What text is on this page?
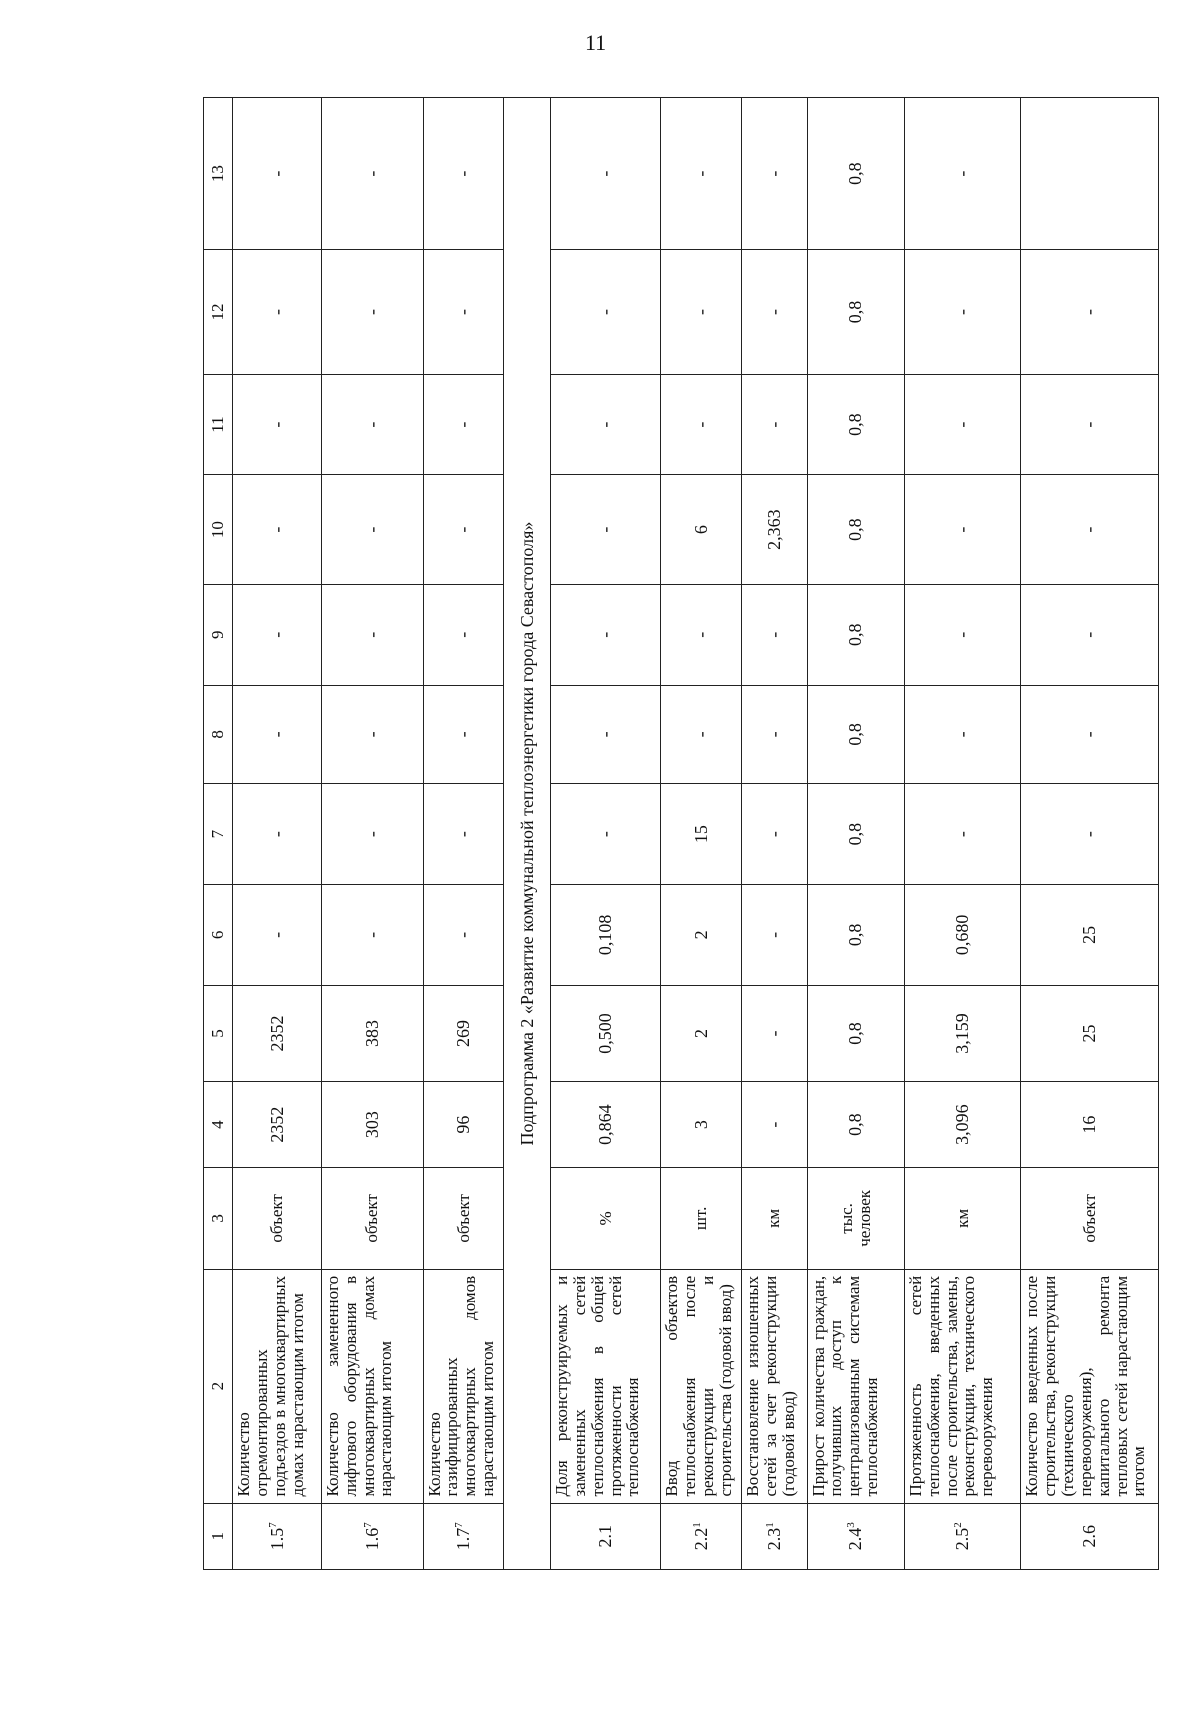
11
1	2	3	4	5	6	7	8	9	10	11	12	13
$1.5^7$	Количество отремонтированных подъездов в многоквартирных домах нарастающим итогом	объект	2352	2352	-	-	-	-	-	-	-	-
$1.6^7$	Количество замененного лифтового оборудования в многоквартирных домах нарастающим итогом	объект	303	383	-	-	-	-	-	-	-	-
$1.7^7$	Количество газифицированных многоквартирных домов нарастающим итогом	объект	96	269	-	-	-	-	-	-	-	-
Подпрограмма 2 «Развитие коммунальной теплоэнергетики города Севастополя»												
2.1	Доля реконструируемых и замененных сетей теплоснабжения в общей протяженности сетей теплоснабжения	%	0,864	0,500	0,108	-	-	-	-	-	-	-
$2.2^1$	Ввод объектов теплоснабжения после реконструкции и строительства (годовой ввод)	шт.	3	2	2	15	-	-	6	-	-	-
$2.3^1$	Восстановление изношенных сетей за счет реконструкции (годовой ввод)	км	-	-	-	-	-	-	2,363	-	-	-
$2.4^3$	Прирост количества граждан, получивших доступ к централизованным системам теплоснабжения	тыс. человек	0,8	0,8	0,8	0,8	0,8	0,8	0,8	0,8	0,8	0,8
$2.5^2$	Протяженность сетей теплоснабжения, введенных после строительства, замены, реконструкции, технического перевооружения	км	3,096	3,159	0,680	-	-	-	-	-	-	-
2.6	Количество введенных после строительства, реконструкции (технического перевооружения), капитального ремонта тепловых сетей нарастающим итогом	объект	16	25	25	-	-	-	-	-	-	
